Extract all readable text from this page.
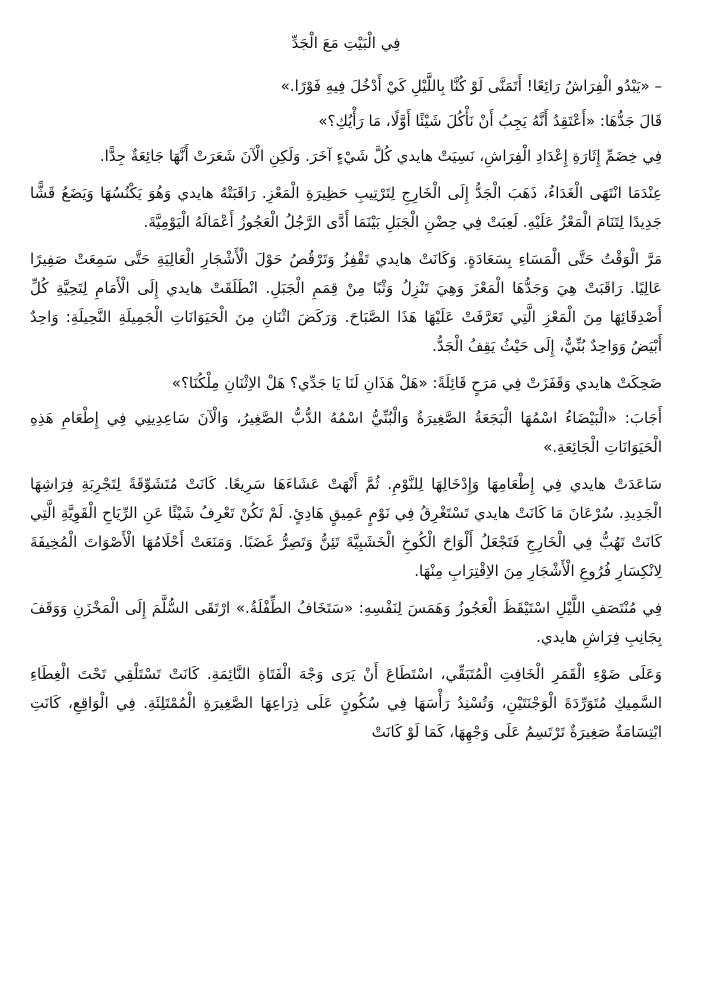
فِي الْبَيْتِ مَعَ الْجَدِّ

– «يَبْدُو الْفِرَاشُ رَائِعًا! أَتَمَنَّى لَوْ كُنَّا بِاللَّيْلِ كَيْ أَدْخُلَ فِيهِ فَوْرًا.»

قَالَ جَدُّهَا: «أَعْتَقِدُ أَنَّهُ يَجِبُ أَنْ نَأْكُلَ شَيْئًا أَوَّلًا، مَا رَأْيُكِ؟»

فِي خِضَمِّ إِثَارَةِ إِعْدَادِ الْفِرَاشِ، نَسِيَتْ هايدي كُلَّ شَيْءٍ آخَرَ. وَلَكِنِ الْآنَ شَعَرَتْ أَنَّهَا جَائِعَةٌ جِدًّا.

عِنْدَمَا انْتَهَى الْغَدَاءُ، ذَهَبَ الْجَدُّ إِلَى الْخَارِجِ لِتَرْتِيبِ حَظِيرَةِ الْمَعْزِ. رَاقَبَتْهُ هايدي وَهُوَ يَكْنُسُهَا وَيَضَعُ قَشًّا جَدِيدًا لِتَنَامَ الْمَعْزُ عَلَيْهِ. لَعِبَتْ فِي حِضْنِ الْجَبَلِ بَيْنَمَا أَدَّى الرَّجُلُ الْعَجُوزُ أَعْمَالَهُ الْيَوْمِيَّةَ.

مَرَّ الْوَقْتُ حَتَّى الْمَسَاءِ بِسَعَادَةٍ. وَكَانَتْ هايدي تَقْفِزُ وَتَرْقُصُ حَوْلَ الْأَشْجَارِ الْعَالِيَةِ حَتَّى سَمِعَتْ صَفِيرًا عَالِيًا. رَاقَبَتْ هِيَ وَجَدُّهَا الْمَعْزَ وَهِيَ تَنْزِلُ وَثْبًا مِنْ قِمَمِ الْجَبَلِ. انْطَلَقَتْ هايدي إِلَى الْأَمَامِ لِتَحِيَّةِ كُلِّ أَصْدِقَائِهَا مِنَ الْمَعْزِ الَّتِي تَعَرَّفَتْ عَلَيْهَا هَذَا الصَّبَاحَ. وَرَكَضَ اثْنَانِ مِنَ الْحَيَوَانَاتِ الْجَمِيلَةِ النَّحِيلَةِ: وَاحِدٌ أَبْيَضُ وَوَاحِدٌ بُنِّيٌّ، إِلَى حَيْثُ يَقِفُ الْجَدُّ.

ضَحِكَتْ هايدي وَقَفَزَتْ فِي مَرَحٍ قَائِلَةً: «هَلْ هَذَانِ لَنَا يَا جَدِّي؟ هَلْ الاِثْنَانِ مِلْكُنَا؟»

أَجَابَ: «الْبَيْضَاءُ اسْمُهَا الْبَجَعَةُ الصَّغِيرَةُ وَالْبُنِّيُّ اسْمُهُ الدُّبُّ الصَّغِيرُ، وَالْآنَ سَاعِدِينِي فِي إِطْعَامِ هَذِهِ الْحَيَوَانَاتِ الْجَائِعَةِ.»

سَاعَدَتْ هايدي فِي إِطْعَامِهَا وَإِدْخَالِهَا لِلنَّوْمِ. ثُمَّ أَنْهَتْ عَشَاءَهَا سَرِيعًا. كَانَتْ مُتَشَوِّقَةً لِتَجْرِبَةِ فِرَاشِهَا الْجَدِيدِ. سُرْعَانَ مَا كَانَتْ هايدي تَسْتَغْرِقُ فِي نَوْمٍ عَمِيقٍ هَادِئٍ. لَمْ تَكُنْ تَعْرِفُ شَيْئًا عَنِ الرِّيَاحِ الْقَوِيَّةِ الَّتِي كَانَتْ تَهُبُّ فِي الْخَارِجِ فَتَجْعَلُ أَلْوَاحَ الْكُوخِ الْخَشَبِيَّةَ تَئِنُّ وَتَصِرُّ غَضَبًا. وَمَنَعَتْ أَحْلَامُهَا الْأَصْوَاتَ الْمُخِيفَةَ لِانْكِسَارِ فُرُوعِ الْأَشْجَارِ مِنَ الاِقْتِرَابِ مِنْهَا.

فِي مُنْتَصَفِ اللَّيْلِ اسْتَيْقَظَ الْعَجُوزُ وَهَمَسَ لِنَفْسِهِ: «سَتَخَافُ الطِّفْلَةُ.» ارْتَقَى السُّلَّمَ إِلَى الْمَخْزَنِ وَوَقَفَ بِجَانِبِ فِرَاشِ هايدي.

وَعَلَى ضَوْءِ الْقَمَرِ الْخَافِتِ الْمُتَبَقِّي، اسْتَطَاعَ أَنْ يَرَى وَجْهَ الْفَتَاةِ النَّائِمَةِ. كَانَتْ تَسْتَلْقِي تَحْتَ الْغِطَاءِ السَّمِيكِ مُتَوَرِّدَةَ الْوَجْنَتَيْنِ، وَتُسْنِدُ رَأْسَهَا فِي سُكُونٍ عَلَى ذِرَاعِهَا الصَّغِيرَةِ الْمُمْتَلِئَةِ. فِي الْوَاقِعِ، كَانَتِ ابْتِسَامَةٌ صَغِيرَةٌ تَرْتَسِمُ عَلَى وَجْهِهَا، كَمَا لَوْ كَانَتْ
